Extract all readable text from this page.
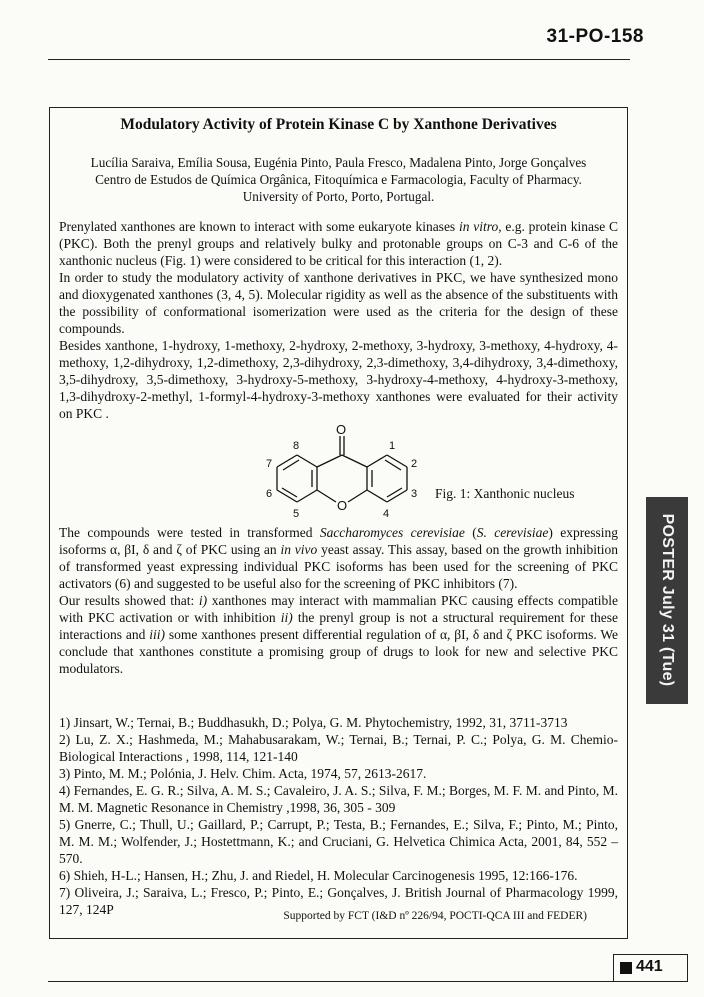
31-PO-158
Modulatory Activity of Protein Kinase C by Xanthone Derivatives
Lucília Saraiva, Emília Sousa, Eugénia Pinto, Paula Fresco, Madalena Pinto, Jorge Gonçalves
Centro de Estudos de Química Orgânica, Fitoquímica e Farmacologia, Faculty of Pharmacy.
University of Porto, Porto, Portugal.

Prenylated xanthones are known to interact with some eukaryote kinases in vitro, e.g. protein kinase C (PKC). Both the prenyl groups and relatively bulky and protonable groups on C-3 and C-6 of the xanthonic nucleus (Fig. 1) were considered to be critical for this interaction (1, 2).

In order to study the modulatory activity of xanthone derivatives in PKC, we have synthesized mono and dioxygenated xanthones (3, 4, 5). Molecular rigidity as well as the absence of the substituents with the possibility of conformational isomerization were used as the criteria for the design of these compounds.

Besides xanthone, 1-hydroxy, 1-methoxy, 2-hydroxy, 2-methoxy, 3-hydroxy, 3-methoxy, 4-hydroxy, 4-methoxy, 1,2-dihydroxy, 1,2-dimethoxy, 2,3-dihydroxy, 2,3-dimethoxy, 3,4-dihydroxy, 3,4-dimethoxy, 3,5-dihydroxy, 3,5-dimethoxy, 3-hydroxy-5-methoxy, 3-hydroxy-4-methoxy, 4-hydroxy-3-methoxy, 1,3-dihydroxy-2-methyl, 1-formyl-4-hydroxy-3-methoxy xanthones were evaluated for their activity on PKC .

O
O
1
2
3
4
5
6
7
8
Fig. 1: Xanthonic nucleus

The compounds were tested in transformed Saccharomyces cerevisiae (S. cerevisiae) expressing isoforms α, βI, δ and ζ of PKC using an in vivo yeast assay. This assay, based on the growth inhibition of transformed yeast expressing individual PKC isoforms has been used for the screening of PKC activators (6) and suggested to be useful also for the screening of PKC inhibitors (7).

Our results showed that: i) xanthones may interact with mammalian PKC causing effects compatible with PKC activation or with inhibition ii) the prenyl group is not a structural requirement for these interactions and iii) some xanthones present differential regulation of α, βI, δ and ζ PKC isoforms. We conclude that xanthones constitute a promising group of drugs to look for new and selective PKC modulators.

1) Jinsart, W.; Ternai, B.; Buddhasukh, D.; Polya, G. M. Phytochemistry, 1992, 31, 3711-3713
2) Lu, Z. X.; Hashmeda, M.; Mahabusarakam, W.; Ternai, B.; Ternai, P. C.; Polya, G. M. Chemio-Biological Interactions , 1998, 114, 121-140
3) Pinto, M. M.; Polónia, J. Helv. Chim. Acta, 1974, 57, 2613-2617.
4) Fernandes, E. G. R.; Silva, A. M. S.; Cavaleiro, J. A. S.; Silva, F. M.; Borges, M. F. M. and Pinto, M. M. M. Magnetic Resonance in Chemistry ,1998, 36, 305 - 309
5) Gnerre, C.; Thull, U.; Gaillard, P.; Carrupt, P.; Testa, B.; Fernandes, E.; Silva, F.; Pinto, M.; Pinto, M. M. M.; Wolfender, J.; Hostettmann, K.; and Cruciani, G. Helvetica Chimica Acta, 2001, 84, 552 – 570.
6) Shieh, H-L.; Hansen, H.; Zhu, J. and Riedel, H. Molecular Carcinogenesis 1995, 12:166-176.
7) Oliveira, J.; Saraiva, L.; Fresco, P.; Pinto, E.; Gonçalves, J. British Journal of Pharmacology 1999, 127, 124P	Supported by FCT (I&D nº 226/94, POCTI-QCA III and FEDER)
POSTER July 31 (Tue)
441
